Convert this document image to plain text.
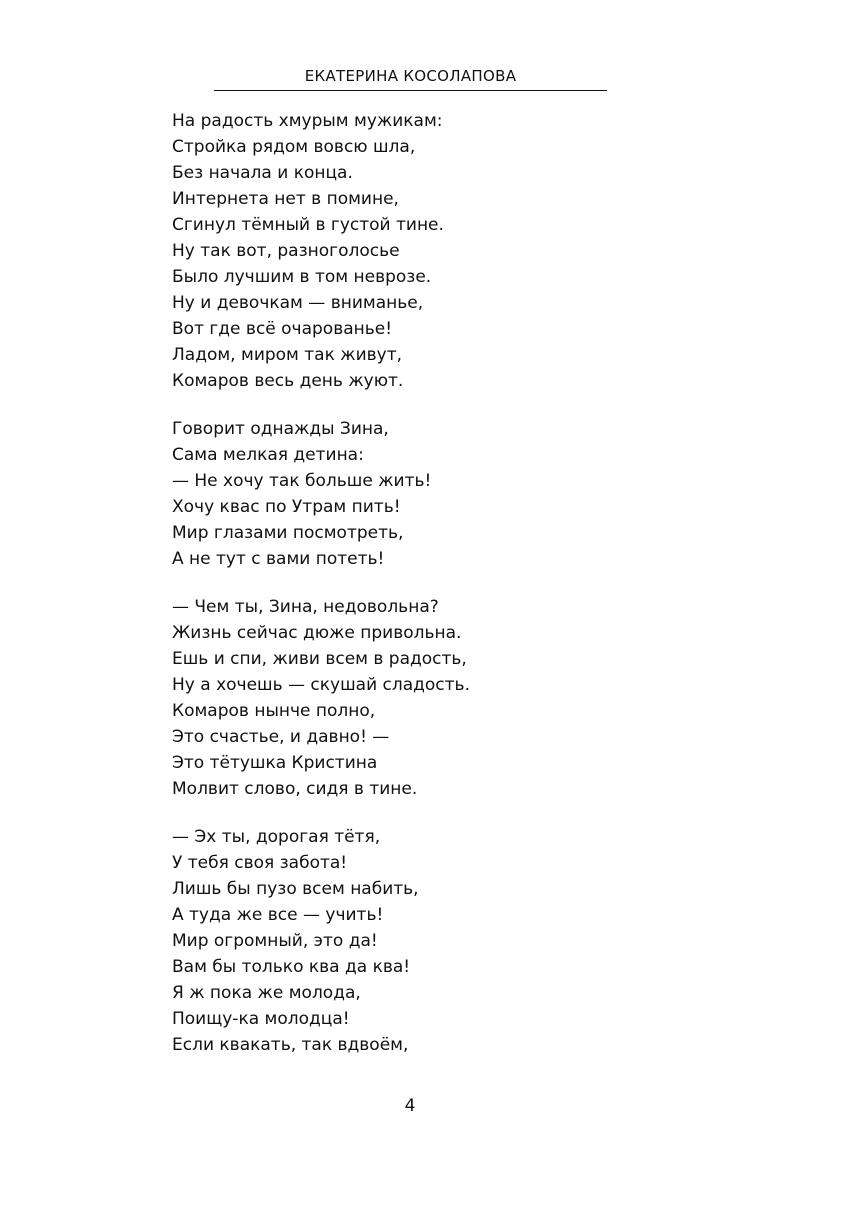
ЕКАТЕРИНА КОСОЛАПОВА
На радость хмурым мужикам:
Стройка рядом вовсю шла,
Без начала и конца.
Интернета нет в помине,
Сгинул тёмный в густой тине.
Ну так вот, разноголосье
Было лучшим в том неврозе.
Ну и девочкам — вниманье,
Вот где всё очарованье!
Ладом, миром так живут,
Комаров весь день жуют.
Говорит однажды Зина,
Сама мелкая детина:
— Не хочу так больше жить!
Хочу квас по Утрам пить!
Мир глазами посмотреть,
А не тут с вами потеть!
— Чем ты, Зина, недовольна?
Жизнь сейчас дюже привольна.
Ешь и спи, живи всем в радость,
Ну а хочешь — скушай сладость.
Комаров нынче полно,
Это счастье, и давно! —
Это тётушка Кристина
Молвит слово, сидя в тине.
— Эх ты, дорогая тётя,
У тебя своя забота!
Лишь бы пузо всем набить,
А туда же все — учить!
Мир огромный, это да!
Вам бы только ква да ква!
Я ж пока же молода,
Поищу-ка молодца!
Если квакать, так вдвоём,
4
